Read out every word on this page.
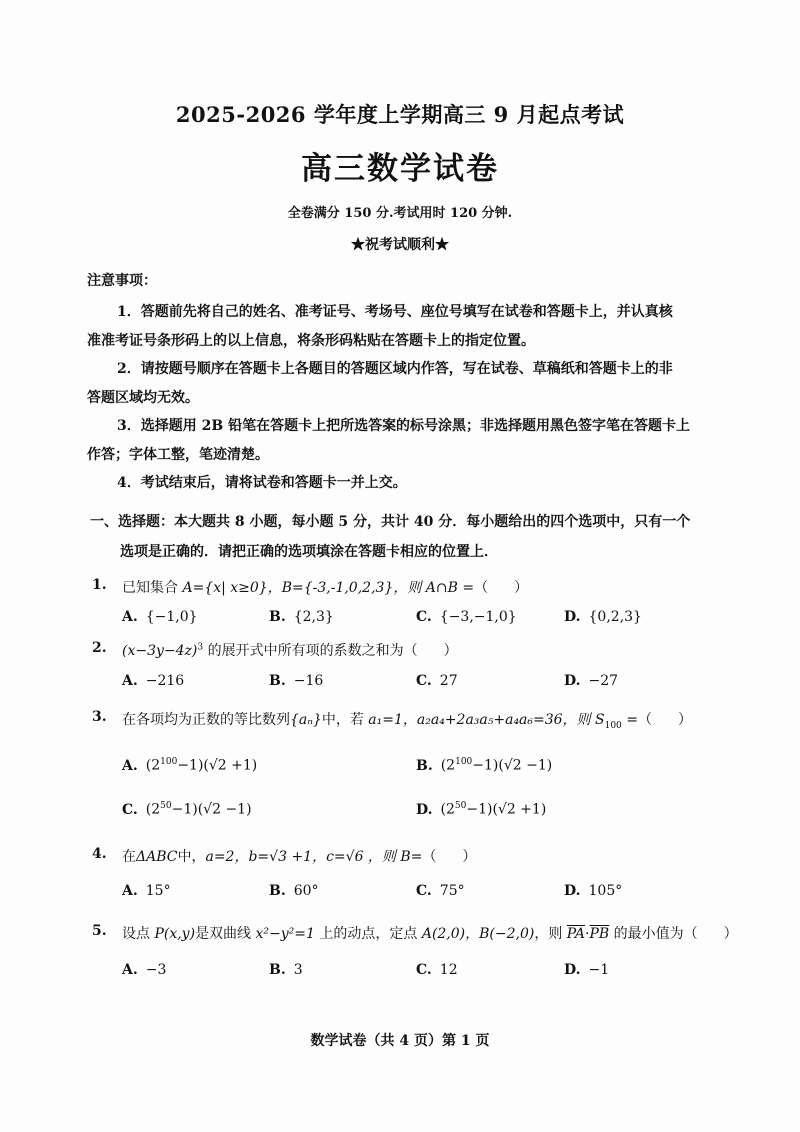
2025-2026 学年度上学期高三 9 月起点考试
高三数学试卷
全卷满分 150 分.考试用时 120 分钟.
★祝考试顺利★
注意事项：
1．答题前先将自己的姓名、准考证号、考场号、座位号填写在试卷和答题卡上，并认真核
准准考证号条形码上的以上信息，将条形码粘贴在答题卡上的指定位置。
2．请按题号顺序在答题卡上各题目的答题区域内作答，写在试卷、草稿纸和答题卡上的非
答题区域均无效。
3．选择题用 2B 铅笔在答题卡上把所选答案的标号涂黑；非选择题用黑色签字笔在答题卡上
作答；字体工整，笔迹清楚。
4．考试结束后，请将试卷和答题卡一并上交。
一、选择题：本大题共 8 小题，每小题 5 分，共计 40 分．每小题给出的四个选项中，只有一个
选项是正确的．请把正确的选项填涂在答题卡相应的位置上．
1. 已知集合 A={x| x≥0}，B={-3,-1,0,2,3}，则 A∩B =（ ）
A. {−1,0}	B. {2,3}	C. {−3,−1,0}	D. {0,2,3}
2. $(x-3y-4z)^3$ 的展开式中所有项的系数之和为（ ）
A. −216	B. −16	C. 27	D. −27
3. 在各项均为正数的等比数列{aₙ}中，若 a₁=1，a₂a₄+2a₃a₅+a₄a₆=36，则 $S_{100}$ =（ ）
A. $(2^{100}-1)(√2 +1)$	B. $(2^{100}-1)(√2 -1)$
C. $(2^{50}-1)(√2 -1)$	D. $(2^{50}-1)(√2 +1)$
4. 在ΔABC中，a=2，b=√3 +1，c=√6 ，则 B=（ ）
A. 15°	B. 60°	C. 75°	D. 105°
5. 设点 P(x,y)是双曲线 x²−y²=1 上的动点，定点 A(2,0)，B(−2,0)，则 $\overline{PA}\cdot\overline{PB}$ 的最小值为（ ）
A. −3	B. 3	C. 12	D. −1
数学试卷（共 4 页）第 1 页
